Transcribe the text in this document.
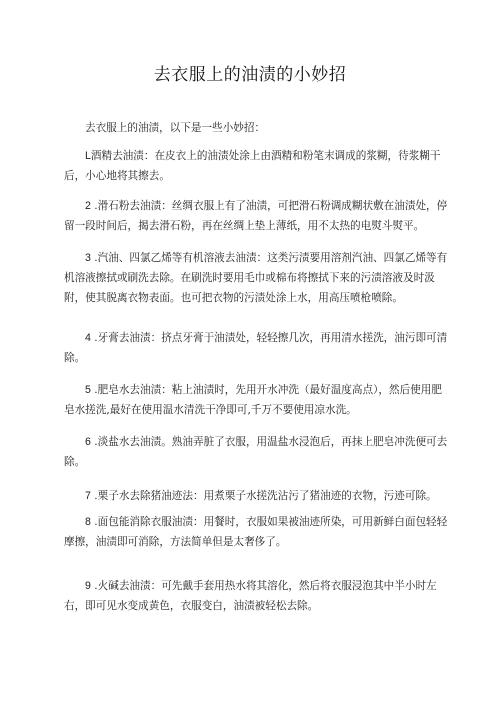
去衣服上的油渍的小妙招
去衣服上的油渍，以下是一些小妙招：
L酒精去油渍：在皮衣上的油渍处涂上由酒精和粉笔末调成的浆糊，待浆糊干后，小心地将其擦去。
2 .滑石粉去油渍：丝绸衣服上有了油渍，可把滑石粉调成糊状敷在油渍处，停留一段时间后，揭去滑石粉，再在丝绸上垫上薄纸，用不太热的电熨斗熨平。
3 .汽油、四氯乙烯等有机溶液去油渍：这类污渍要用溶剂汽油、四氯乙烯等有机溶液擦拭或刷洗去除。在刷洗时要用毛巾或棉布将擦拭下来的污渍溶液及时汲附，使其脱离衣物表面。也可把衣物的污渍处涂上水，用高压喷枪喷除。
4 .牙膏去油渍：挤点牙膏于油渍处，轻轻擦几次，再用清水搓洗，油污即可清除。
5 .肥皂水去油渍：粘上油渍时，先用开水冲洗（最好温度高点），然后使用肥皂水搓洗,最好在使用温水清洗干净即可,千万不要使用凉水洗。
6 .淡盐水去油渍。熟油弄脏了衣服，用温盐水浸泡后，再抹上肥皂冲洗便可去除。
7 .栗子水去除猪油迹法：用煮栗子水搓洗沾污了猪油迹的衣物，污迹可除。
8 .面包能消除衣服油渍：用餐时，衣服如果被油迹所染，可用新鲜白面包轻轻摩擦，油渍即可消除，方法简单但是太奢侈了。
9 .火碱去油渍：可先戴手套用热水将其溶化，然后将衣服浸泡其中半小时左右，即可见水变成黄色，衣服变白，油渍被轻松去除。
